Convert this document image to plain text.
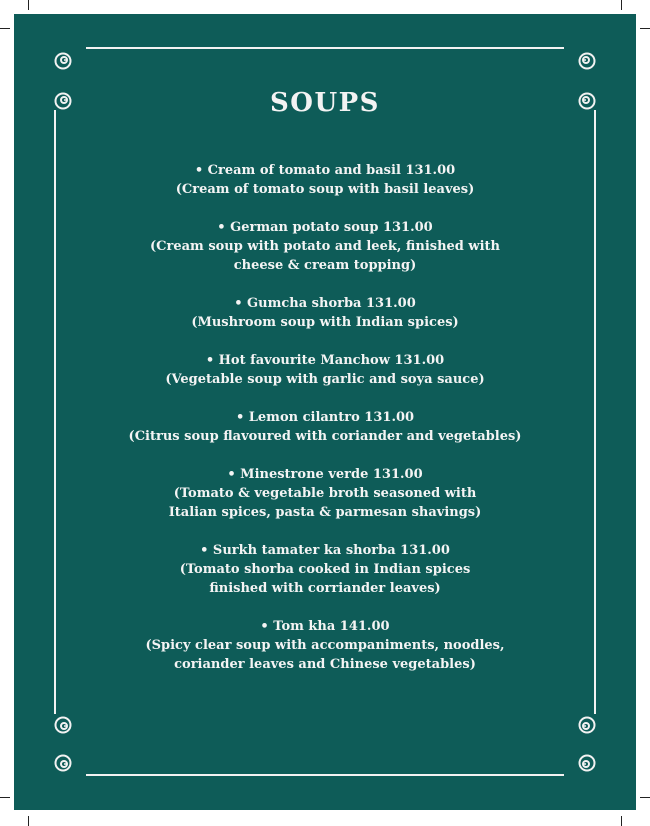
SOUPS
• Cream of tomato and basil 131.00
(Cream of tomato soup with basil leaves)
• German potato soup 131.00
(Cream soup with potato and leek, finished with
cheese & cream topping)
• Gumcha shorba 131.00
(Mushroom soup with Indian spices)
• Hot favourite Manchow 131.00
(Vegetable soup with garlic and soya sauce)
• Lemon cilantro 131.00
(Citrus soup flavoured with coriander and vegetables)
• Minestrone verde 131.00
(Tomato & vegetable broth seasoned with
Italian spices, pasta & parmesan shavings)
• Surkh tamater ka shorba 131.00
(Tomato shorba cooked in Indian spices
finished with corriander leaves)
• Tom kha 141.00
(Spicy clear soup with accompaniments, noodles,
coriander leaves and Chinese vegetables)
